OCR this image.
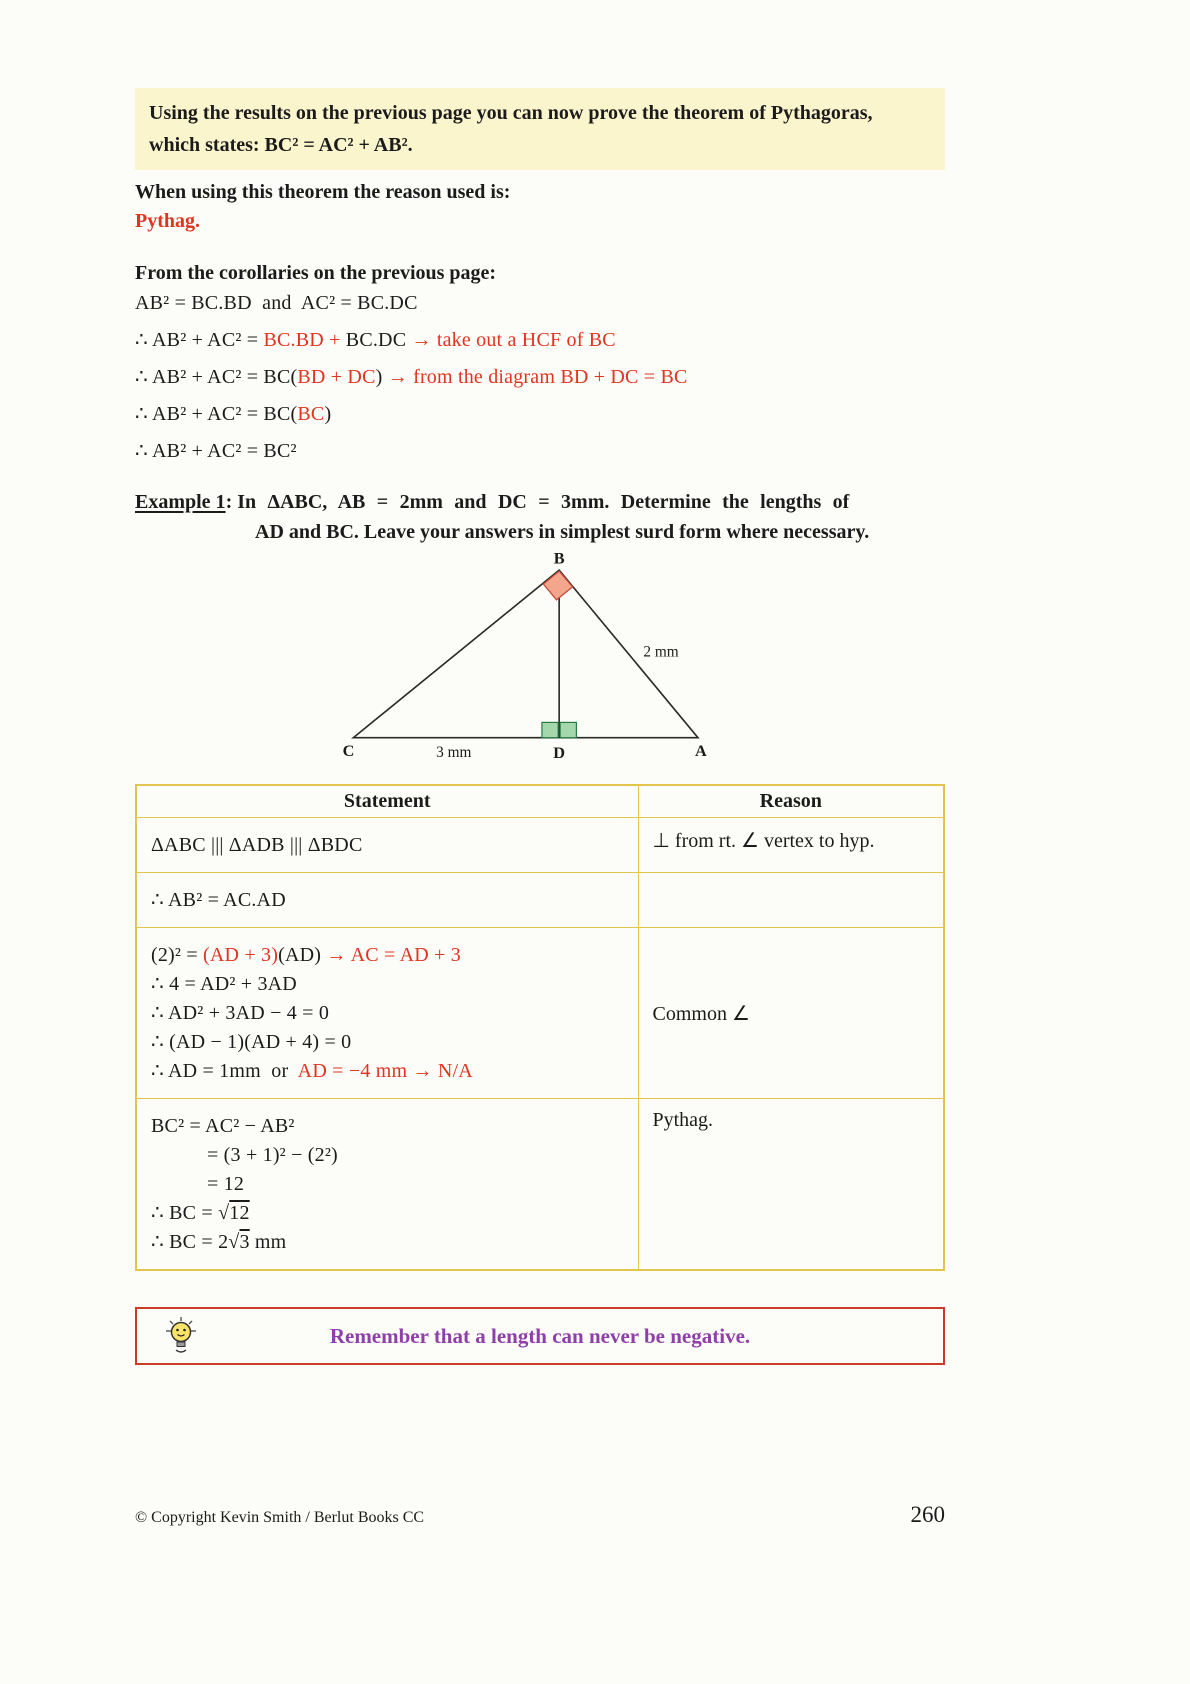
Using the results on the previous page you can now prove the theorem of Pythagoras,
which states: BC² = AC² + AB².
When using this theorem the reason used is:
Pythag.
From the corollaries on the previous page:
AB² = BC.BD  and  AC² = BC.DC
∴ AB² + AC² = BC.BD + BC.DC → take out a HCF of BC
∴ AB² + AC² = BC(BD + DC) → from the diagram BD + DC = BC
∴ AB² + AC² = BC(BC)
∴ AB² + AC² = BC²
Example 1: In ΔABC, AB = 2mm and DC = 3mm. Determine the lengths of
AD and BC. Leave your answers in simplest surd form where necessary.
B
C	D	A
2 mm
3 mm
Statement	Reason

ΔABC ||| ΔADB ||| ΔBDC	⊥ from rt. ∠ vertex to hyp.

∴ AB² = AC.AD	

(2)² = (AD + 3)(AD) → AC = AD + 3
∴ 4 = AD² + 3AD
∴ AD² + 3AD − 4 = 0
∴ (AD − 1)(AD + 4) = 0
∴ AD = 1mm  or  AD = −4 mm → N/A	Common ∠

BC² = AC² − AB²
= (3 + 1)² − (2²)
= 12
∴ BC = √12
∴ BC = 2√3 mm	Pythag.
Remember that a length can never be negative.
© Copyright Kevin Smith / Berlut Books CC	260
